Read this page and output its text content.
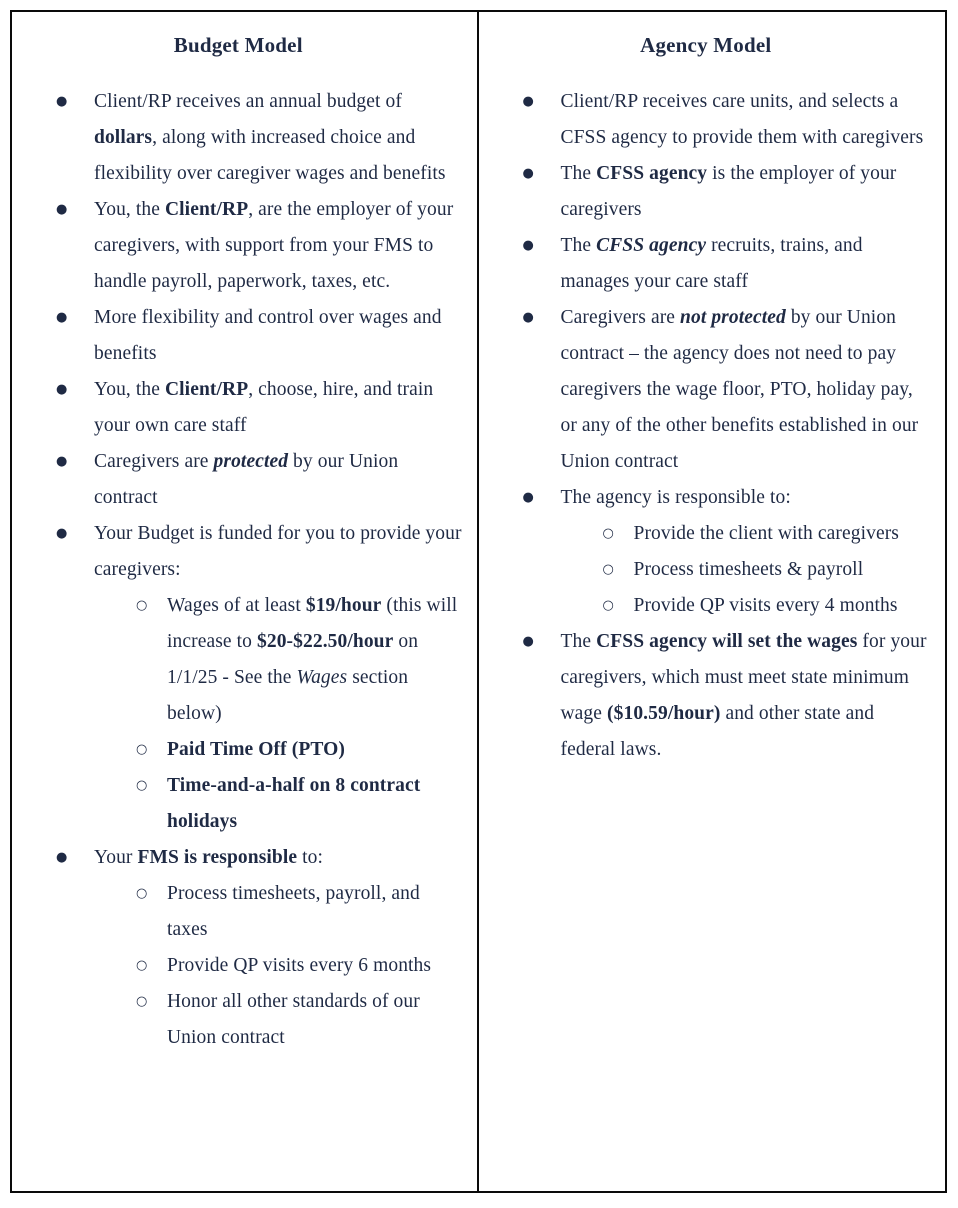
Budget Model
●	Client/RP receives an annual budget of dollars, along with increased choice and flexibility over caregiver wages and benefits
●	You, the Client/RP, are the employer of your caregivers, with support from your FMS to handle payroll, paperwork, taxes, etc.
●	More flexibility and control over wages and benefits
●	You, the Client/RP, choose, hire, and train your own care staff
●	Caregivers are protected by our Union contract
●	Your Budget is funded for you to provide your caregivers:
○	Wages of at least $19/hour (this will increase to $20-$22.50/hour on 1/1/25 - See the Wages section below)
○	Paid Time Off (PTO)
○	Time-and-a-half on 8 contract holidays
●	Your FMS is responsible to:
○	Process timesheets, payroll, and taxes
○	Provide QP visits every 6 months
○	Honor all other standards of our Union contract
Agency Model
●	Client/RP receives care units, and selects a CFSS agency to provide them with caregivers
●	The CFSS agency is the employer of your caregivers
●	The CFSS agency recruits, trains, and manages your care staff
●	Caregivers are not protected by our Union contract – the agency does not need to pay caregivers the wage floor, PTO, holiday pay, or any of the other benefits established in our Union contract
●	The agency is responsible to:
○	Provide the client with caregivers
○	Process timesheets & payroll
○	Provide QP visits every 4 months
●	The CFSS agency will set the wages for your caregivers, which must meet state minimum wage ($10.59/hour) and other state and federal laws.
